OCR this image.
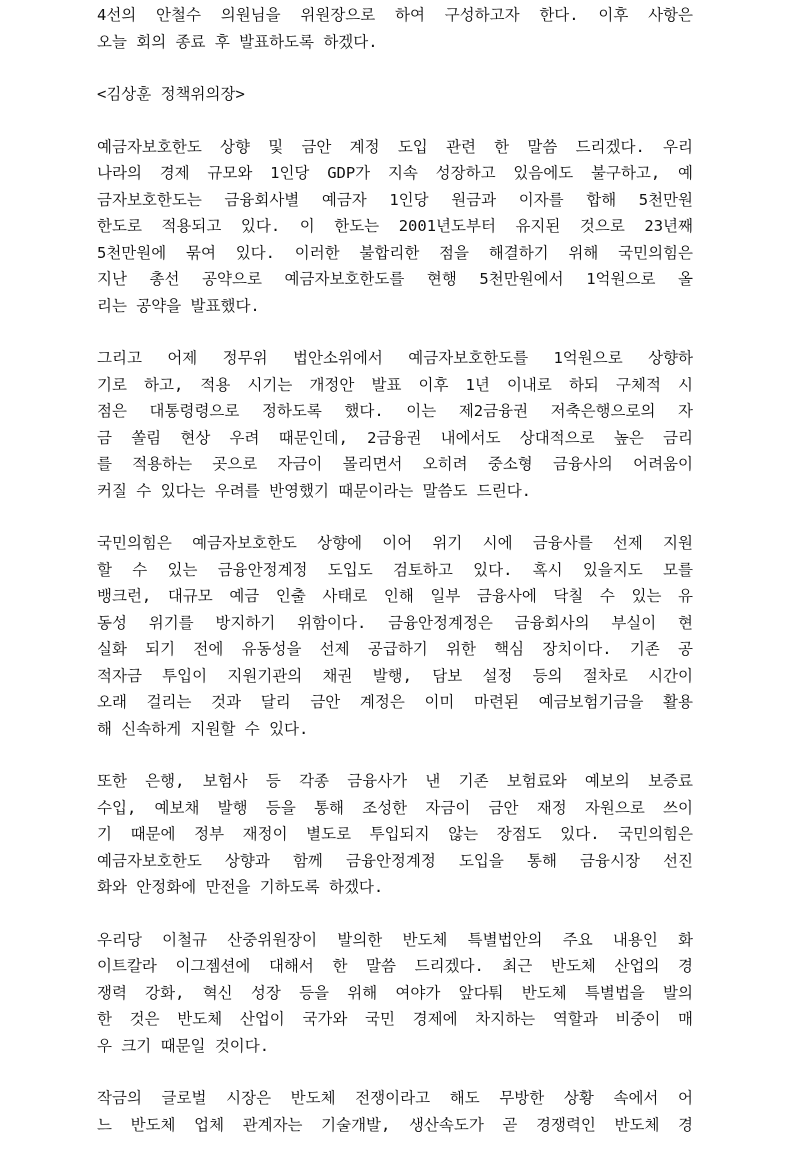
4선의 안철수 의원님을 위원장으로 하여 구성하고자 한다. 이후 사항은
오늘 회의 종료 후 발표하도록 하겠다.
<김상훈 정책위의장>
예금자보호한도 상향 및 금안 계정 도입 관련 한 말씀 드리겠다. 우리
나라의 경제 규모와 1인당 GDP가 지속 성장하고 있음에도 불구하고, 예
금자보호한도는 금융회사별 예금자 1인당 원금과 이자를 합해 5천만원
한도로 적용되고 있다. 이 한도는 2001년도부터 유지된 것으로 23년째
5천만원에 묶여 있다. 이러한 불합리한 점을 해결하기 위해 국민의힘은
지난 총선 공약으로 예금자보호한도를 현행 5천만원에서 1억원으로 올
리는 공약을 발표했다.
그리고 어제 정무위 법안소위에서 예금자보호한도를 1억원으로 상향하
기로 하고, 적용 시기는 개정안 발표 이후 1년 이내로 하되 구체적 시
점은 대통령령으로 정하도록 했다. 이는 제2금융권 저축은행으로의 자
금 쏠림 현상 우려 때문인데, 2금융권 내에서도 상대적으로 높은 금리
를 적용하는 곳으로 자금이 몰리면서 오히려 중소형 금융사의 어려움이
커질 수 있다는 우려를 반영했기 때문이라는 말씀도 드린다.
국민의힘은 예금자보호한도 상향에 이어 위기 시에 금융사를 선제 지원
할 수 있는 금융안정계정 도입도 검토하고 있다. 혹시 있을지도 모를
뱅크런, 대규모 예금 인출 사태로 인해 일부 금융사에 닥칠 수 있는 유
동성 위기를 방지하기 위함이다. 금융안정계정은 금융회사의 부실이 현
실화 되기 전에 유동성을 선제 공급하기 위한 핵심 장치이다. 기존 공
적자금 투입이 지원기관의 채권 발행, 담보 설정 등의 절차로 시간이
오래 걸리는 것과 달리 금안 계정은 이미 마련된 예금보험기금을 활용
해 신속하게 지원할 수 있다.
또한 은행, 보험사 등 각종 금융사가 낸 기존 보험료와 예보의 보증료
수입, 예보채 발행 등을 통해 조성한 자금이 금안 재정 자원으로 쓰이
기 때문에 정부 재정이 별도로 투입되지 않는 장점도 있다. 국민의힘은
예금자보호한도 상향과 함께 금융안정계정 도입을 통해 금융시장 선진
화와 안정화에 만전을 기하도록 하겠다.
우리당 이철규 산중위원장이 발의한 반도체 특별법안의 주요 내용인 화
이트칼라 이그젬션에 대해서 한 말씀 드리겠다. 최근 반도체 산업의 경
쟁력 강화, 혁신 성장 등을 위해 여야가 앞다퉈 반도체 특별법을 발의
한 것은 반도체 산업이 국가와 국민 경제에 차지하는 역할과 비중이 매
우 크기 때문일 것이다.
작금의 글로벌 시장은 반도체 전쟁이라고 해도 무방한 상황 속에서 어
느 반도체 업체 관계자는 기술개발, 생산속도가 곧 경쟁력인 반도체 경
